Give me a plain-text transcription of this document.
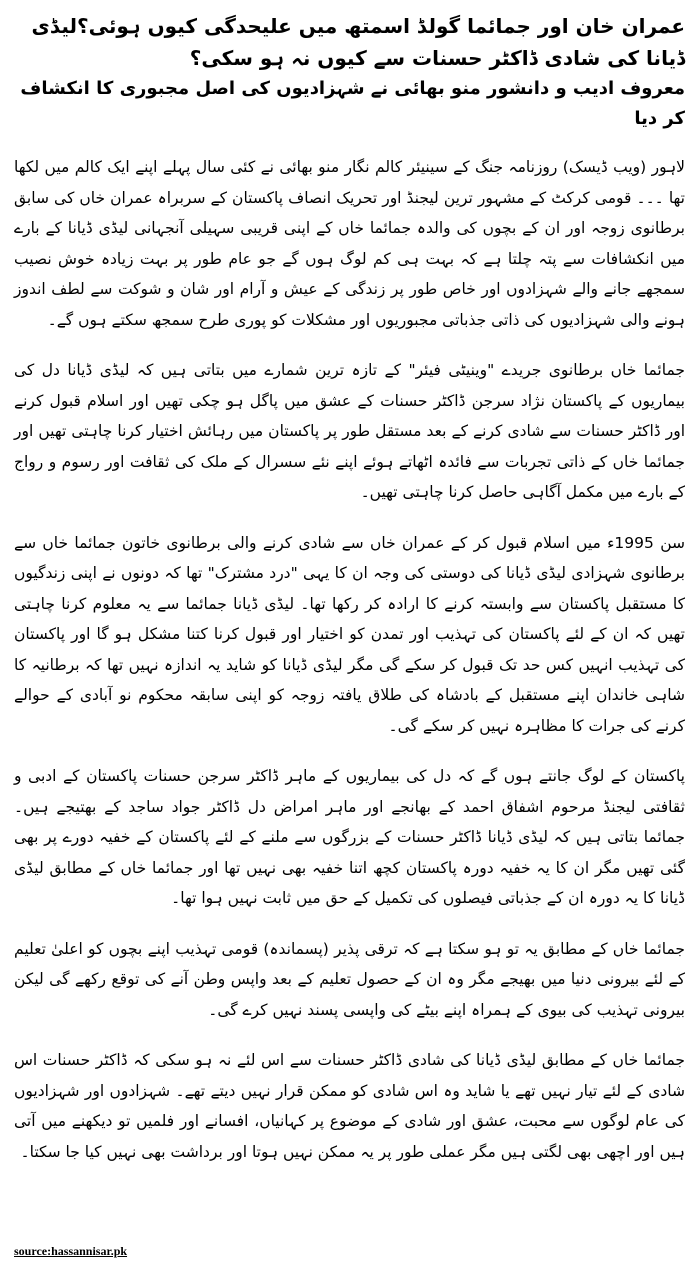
عمران خان اور جمائما گولڈ اسمتھ میں علیحدگی کیوں ہوئی؟لیڈی ڈیانا کی شادی ڈاکٹر حسنات سے کیوں نہ ہو سکی؟
معروف ادیب و دانشور منو بھائی نے شہزادیوں کی اصل مجبوری کا انکشاف کر دیا

لاہور (ویب ڈیسک) روزنامہ جنگ کے سینیئر کالم نگار منو بھائی نے کئی سال پہلے اپنے ایک کالم میں لکھا تھا ۔۔۔ قومی کرکٹ کے مشہور ترین لیجنڈ اور تحریک انصاف پاکستان کے سربراہ عمران خاں کی سابق برطانوی زوجہ اور ان کے بچوں کی والدہ جمائما خاں کے اپنی قریبی سہیلی آنجہانی لیڈی ڈیانا کے بارے میں انکشافات سے پتہ چلتا ہے کہ بہت ہی کم لوگ ہوں گے جو عام طور پر بہت زیادہ خوش نصیب سمجھے جانے والے شہزادوں اور خاص طور پر زندگی کے عیش و آرام اور شان و شوکت سے لطف اندوز ہونے والی شہزادیوں کی ذاتی جذباتی مجبوریوں اور مشکلات کو پوری طرح سمجھ سکتے ہوں گے۔

جمائما خاں برطانوی جریدے "وینیٹی فیئر" کے تازہ ترین شمارے میں بتاتی ہیں کہ لیڈی ڈیانا دل کی بیماریوں کے پاکستان نژاد سرجن ڈاکٹر حسنات کے عشق میں پاگل ہو چکی تھیں اور اسلام قبول کرنے اور ڈاکٹر حسنات سے شادی کرنے کے بعد مستقل طور پر پاکستان میں رہائش اختیار کرنا چاہتی تھیں اور جمائما خاں کے ذاتی تجربات سے فائدہ اٹھاتے ہوئے اپنے نئے سسرال کے ملک کی ثقافت اور رسوم و رواج کے بارے میں مکمل آگاہی حاصل کرنا چاہتی تھیں۔

سن 1995ء میں اسلام قبول کر کے عمران خاں سے شادی کرنے والی برطانوی خاتون جمائما خاں سے برطانوی شہزادی لیڈی ڈیانا کی دوستی کی وجہ ان کا یہی "درد مشترک" تھا کہ دونوں نے اپنی زندگیوں کا مستقبل پاکستان سے وابستہ کرنے کا ارادہ کر رکھا تھا۔ لیڈی ڈیانا جمائما سے یہ معلوم کرنا چاہتی تھیں کہ ان کے لئے پاکستان کی تہذیب اور تمدن کو اختیار اور قبول کرنا کتنا مشکل ہو گا اور پاکستان کی تہذیب انہیں کس حد تک قبول کر سکے گی مگر لیڈی ڈیانا کو شاید یہ اندازہ نہیں تھا کہ برطانیہ کا شاہی خاندان اپنے مستقبل کے بادشاہ کی طلاق یافتہ زوجہ کو اپنی سابقہ محکوم نو آبادی کے حوالے کرنے کی جرات کا مظاہرہ نہیں کر سکے گی۔

پاکستان کے لوگ جانتے ہوں گے کہ دل کی بیماریوں کے ماہر ڈاکٹر سرجن حسنات پاکستان کے ادبی و ثقافتی لیجنڈ مرحوم اشفاق احمد کے بھانجے اور ماہر امراض دل ڈاکٹر جواد ساجد کے بھتیجے ہیں۔ جمائما بتاتی ہیں کہ لیڈی ڈیانا ڈاکٹر حسنات کے بزرگوں سے ملنے کے لئے پاکستان کے خفیہ دورے پر بھی گئی تھیں مگر ان کا یہ خفیہ دورہ پاکستان کچھ اتنا خفیہ بھی نہیں تھا اور جمائما خاں کے مطابق لیڈی ڈیانا کا یہ دورہ ان کے جذباتی فیصلوں کی تکمیل کے حق میں ثابت نہیں ہوا تھا۔

جمائما خاں کے مطابق یہ تو ہو سکتا ہے کہ ترقی پذیر (پسماندہ) قومی تہذیب اپنے بچوں کو اعلیٰ تعلیم کے لئے بیرونی دنیا میں بھیجے مگر وہ ان کے حصول تعلیم کے بعد واپس وطن آنے کی توقع رکھے گی لیکن بیرونی تہذیب کی بیوی کے ہمراہ اپنے بیٹے کی واپسی پسند نہیں کرے گی۔

جمائما خاں کے مطابق لیڈی ڈیانا کی شادی ڈاکٹر حسنات سے اس لئے نہ ہو سکی کہ ڈاکٹر حسنات اس شادی کے لئے تیار نہیں تھے یا شاید وہ اس شادی کو ممکن قرار نہیں دیتے تھے۔ شہزادوں اور شہزادیوں کی عام لوگوں سے محبت، عشق اور شادی کے موضوع پر کہانیاں، افسانے اور فلمیں تو دیکھنے میں آتی ہیں اور اچھی بھی لگتی ہیں مگر عملی طور پر یہ ممکن نہیں ہوتا اور برداشت بھی نہیں کیا جا سکتا۔

source:hassannisar.pk
